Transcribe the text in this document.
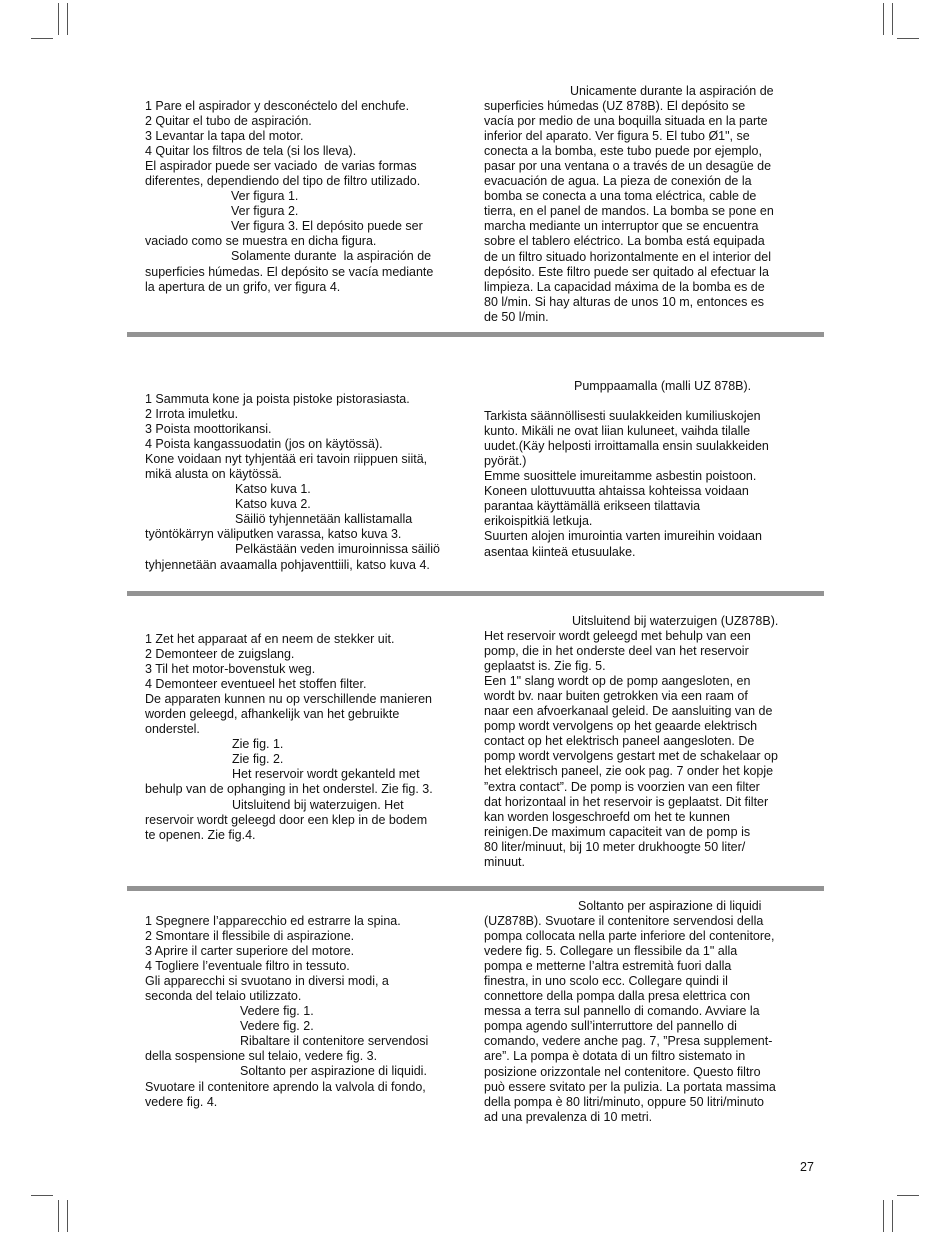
1 Pare el aspirador y desconéctelo del enchufe.
2 Quitar el tubo de aspiración.
3 Levantar la tapa del motor.
4 Quitar los filtros de tela (si los lleva).
El aspirador puede ser vaciado  de varias formas
diferentes, dependiendo del tipo de filtro utilizado.
Ver figura 1.
Ver figura 2.
Ver figura 3. El depósito puede ser
vaciado como se muestra en dicha figura.
Solamente durante  la aspiración de
superficies húmedas. El depósito se vacía mediante
la apertura de un grifo, ver figura 4.
Unicamente durante la aspiración de
superficies húmedas (UZ 878B). El depósito se
vacía por medio de una boquilla situada en la parte
inferior del aparato. Ver figura 5. El tubo Ø1", se
conecta a la bomba, este tubo puede por ejemplo,
pasar por una ventana o a través de un desagüe de
evacuación de agua. La pieza de conexión de la
bomba se conecta a una toma eléctrica, cable de
tierra, en el panel de mandos. La bomba se pone en
marcha mediante un interruptor que se encuentra
sobre el tablero eléctrico. La bomba está equipada
de un filtro situado horizontalmente en el interior del
depósito. Este filtro puede ser quitado al efectuar la
limpieza. La capacidad máxima de la bomba es de
80 l/min. Si hay alturas de unos 10 m, entonces es
de 50 l/min.
1 Sammuta kone ja poista pistoke pistorasiasta.
2 Irrota imuletku.
3 Poista moottorikansi.
4 Poista kangassuodatin (jos on käytössä).
Kone voidaan nyt tyhjentää eri tavoin riippuen siitä,
mikä alusta on käytössä.
Katso kuva 1.
Katso kuva 2.
Säiliö tyhjennetään kallistamalla
työntökärryn väliputken varassa, katso kuva 3.
Pelkästään veden imuroinnissa säiliö
tyhjennetään avaamalla pohjaventtiili, katso kuva 4.
Pumppaamalla (malli UZ 878B).
Tarkista säännöllisesti suulakkeiden kumiliuskojen
kunto. Mikäli ne ovat liian kuluneet, vaihda tilalle
uudet.(Käy helposti irroittamalla ensin suulakkeiden
pyörät.)
Emme suosittele imureitamme asbestin poistoon.
Koneen ulottuvuutta ahtaissa kohteissa voidaan
parantaa käyttämällä erikseen tilattavia
erikoispitkiä letkuja.
Suurten alojen imurointia varten imureihin voidaan
asentaa kiinteä etusuulake.
1 Zet het apparaat af en neem de stekker uit.
2 Demonteer de zuigslang.
3 Til het motor-bovenstuk weg.
4 Demonteer eventueel het stoffen filter.
De apparaten kunnen nu op verschillende manieren
worden geleegd, afhankelijk van het gebruikte
onderstel.
Zie fig. 1.
Zie fig. 2.
Het reservoir wordt gekanteld met
behulp van de ophanging in het onderstel. Zie fig. 3.
Uitsluitend bij waterzuigen. Het
reservoir wordt geleegd door een klep in de bodem
te openen. Zie fig.4.
Uitsluitend bij waterzuigen (UZ878B).
Het reservoir wordt geleegd met behulp van een
pomp, die in het onderste deel van het reservoir
geplaatst is. Zie fig. 5.
Een 1" slang wordt op de pomp aangesloten, en
wordt bv. naar buiten getrokken via een raam of
naar een afvoerkanaal geleid. De aansluiting van de
pomp wordt vervolgens op het geaarde elektrisch
contact op het elektrisch paneel aangesloten. De
pomp wordt vervolgens gestart met de schakelaar op
het elektrisch paneel, zie ook pag. 7 onder het kopje
”extra contact”. De pomp is voorzien van een filter
dat horizontaal in het reservoir is geplaatst. Dit filter
kan worden losgeschroefd om het te kunnen
reinigen.De maximum capaciteit van de pomp is
80 liter/minuut, bij 10 meter drukhoogte 50 liter/
minuut.
1 Spegnere l’apparecchio ed estrarre la spina.
2 Smontare il flessibile di aspirazione.
3 Aprire il carter superiore del motore.
4 Togliere l’eventuale filtro in tessuto.
Gli apparecchi si svuotano in diversi modi, a
seconda del telaio utilizzato.
Vedere fig. 1.
Vedere fig. 2.
Ribaltare il contenitore servendosi
della sospensione sul telaio, vedere fig. 3.
Soltanto per aspirazione di liquidi.
Svuotare il contenitore aprendo la valvola di fondo,
vedere fig. 4.
Soltanto per aspirazione di liquidi
(UZ878B). Svuotare il contenitore servendosi della
pompa collocata nella parte inferiore del contenitore,
vedere fig. 5. Collegare un flessibile da 1" alla
pompa e metterne l’altra estremità fuori dalla
finestra, in uno scolo ecc. Collegare quindi il
connettore della pompa dalla presa elettrica con
messa a terra sul pannello di comando. Avviare la
pompa agendo sull’interruttore del pannello di
comando, vedere anche pag. 7, ”Presa supplement-
are”. La pompa è dotata di un filtro sistemato in
posizione orizzontale nel contenitore. Questo filtro
può essere svitato per la pulizia. La portata massima
della pompa è 80 litri/minuto, oppure 50 litri/minuto
ad una prevalenza di 10 metri.
27
